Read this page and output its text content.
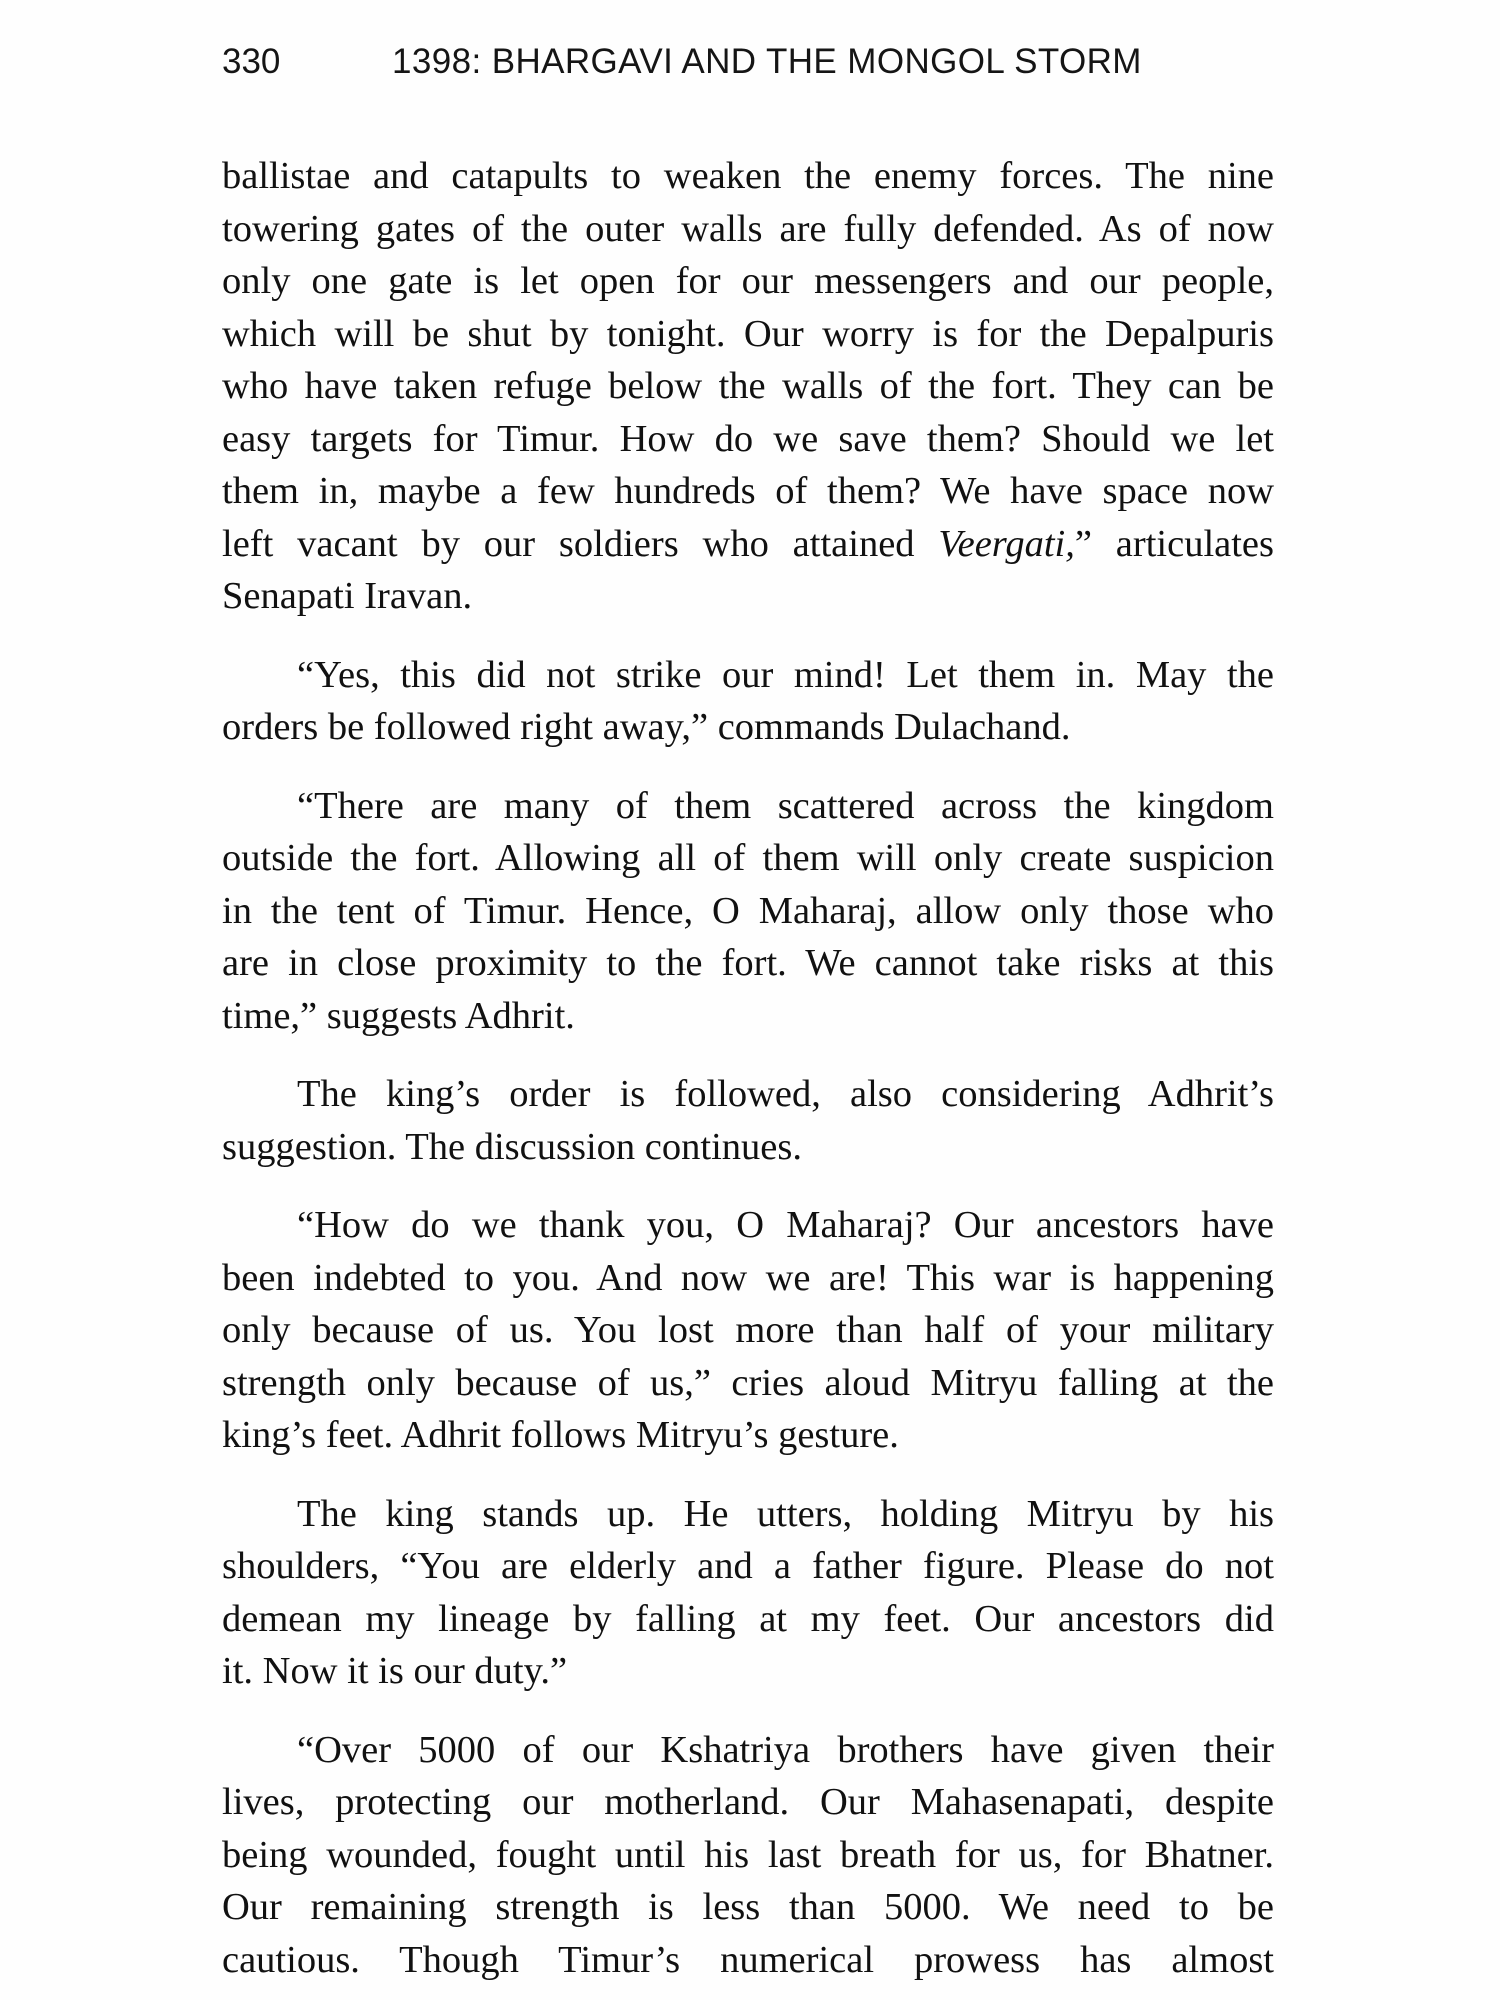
330	1398: BHARGAVI AND THE MONGOL STORM

ballistae and catapults to weaken the enemy forces. The nine
towering gates of the outer walls are fully defended. As of now
only one gate is let open for our messengers and our people,
which will be shut by tonight. Our worry is for the Depalpuris
who have taken refuge below the walls of the fort. They can be
easy targets for Timur. How do we save them? Should we let
them in, maybe a few hundreds of them? We have space now
left vacant by our soldiers who attained Veergati,” articulates
Senapati Iravan.

“Yes, this did not strike our mind! Let them in. May the
orders be followed right away,” commands Dulachand.

“There are many of them scattered across the kingdom
outside the fort. Allowing all of them will only create suspicion
in the tent of Timur. Hence, O Maharaj, allow only those who
are in close proximity to the fort. We cannot take risks at this
time,” suggests Adhrit.

The king’s order is followed, also considering Adhrit’s
suggestion. The discussion continues.

“How do we thank you, O Maharaj? Our ancestors have
been indebted to you. And now we are! This war is happening
only because of us. You lost more than half of your military
strength only because of us,” cries aloud Mitryu falling at the
king’s feet. Adhrit follows Mitryu’s gesture.

The king stands up. He utters, holding Mitryu by his
shoulders, “You are elderly and a father figure. Please do not
demean my lineage by falling at my feet. Our ancestors did
it. Now it is our duty.”

“Over 5000 of our Kshatriya brothers have given their
lives, protecting our motherland. Our Mahasenapati, despite
being wounded, fought until his last breath for us, for Bhatner.
Our remaining strength is less than 5000. We need to be
cautious. Though Timur’s numerical prowess has almost
